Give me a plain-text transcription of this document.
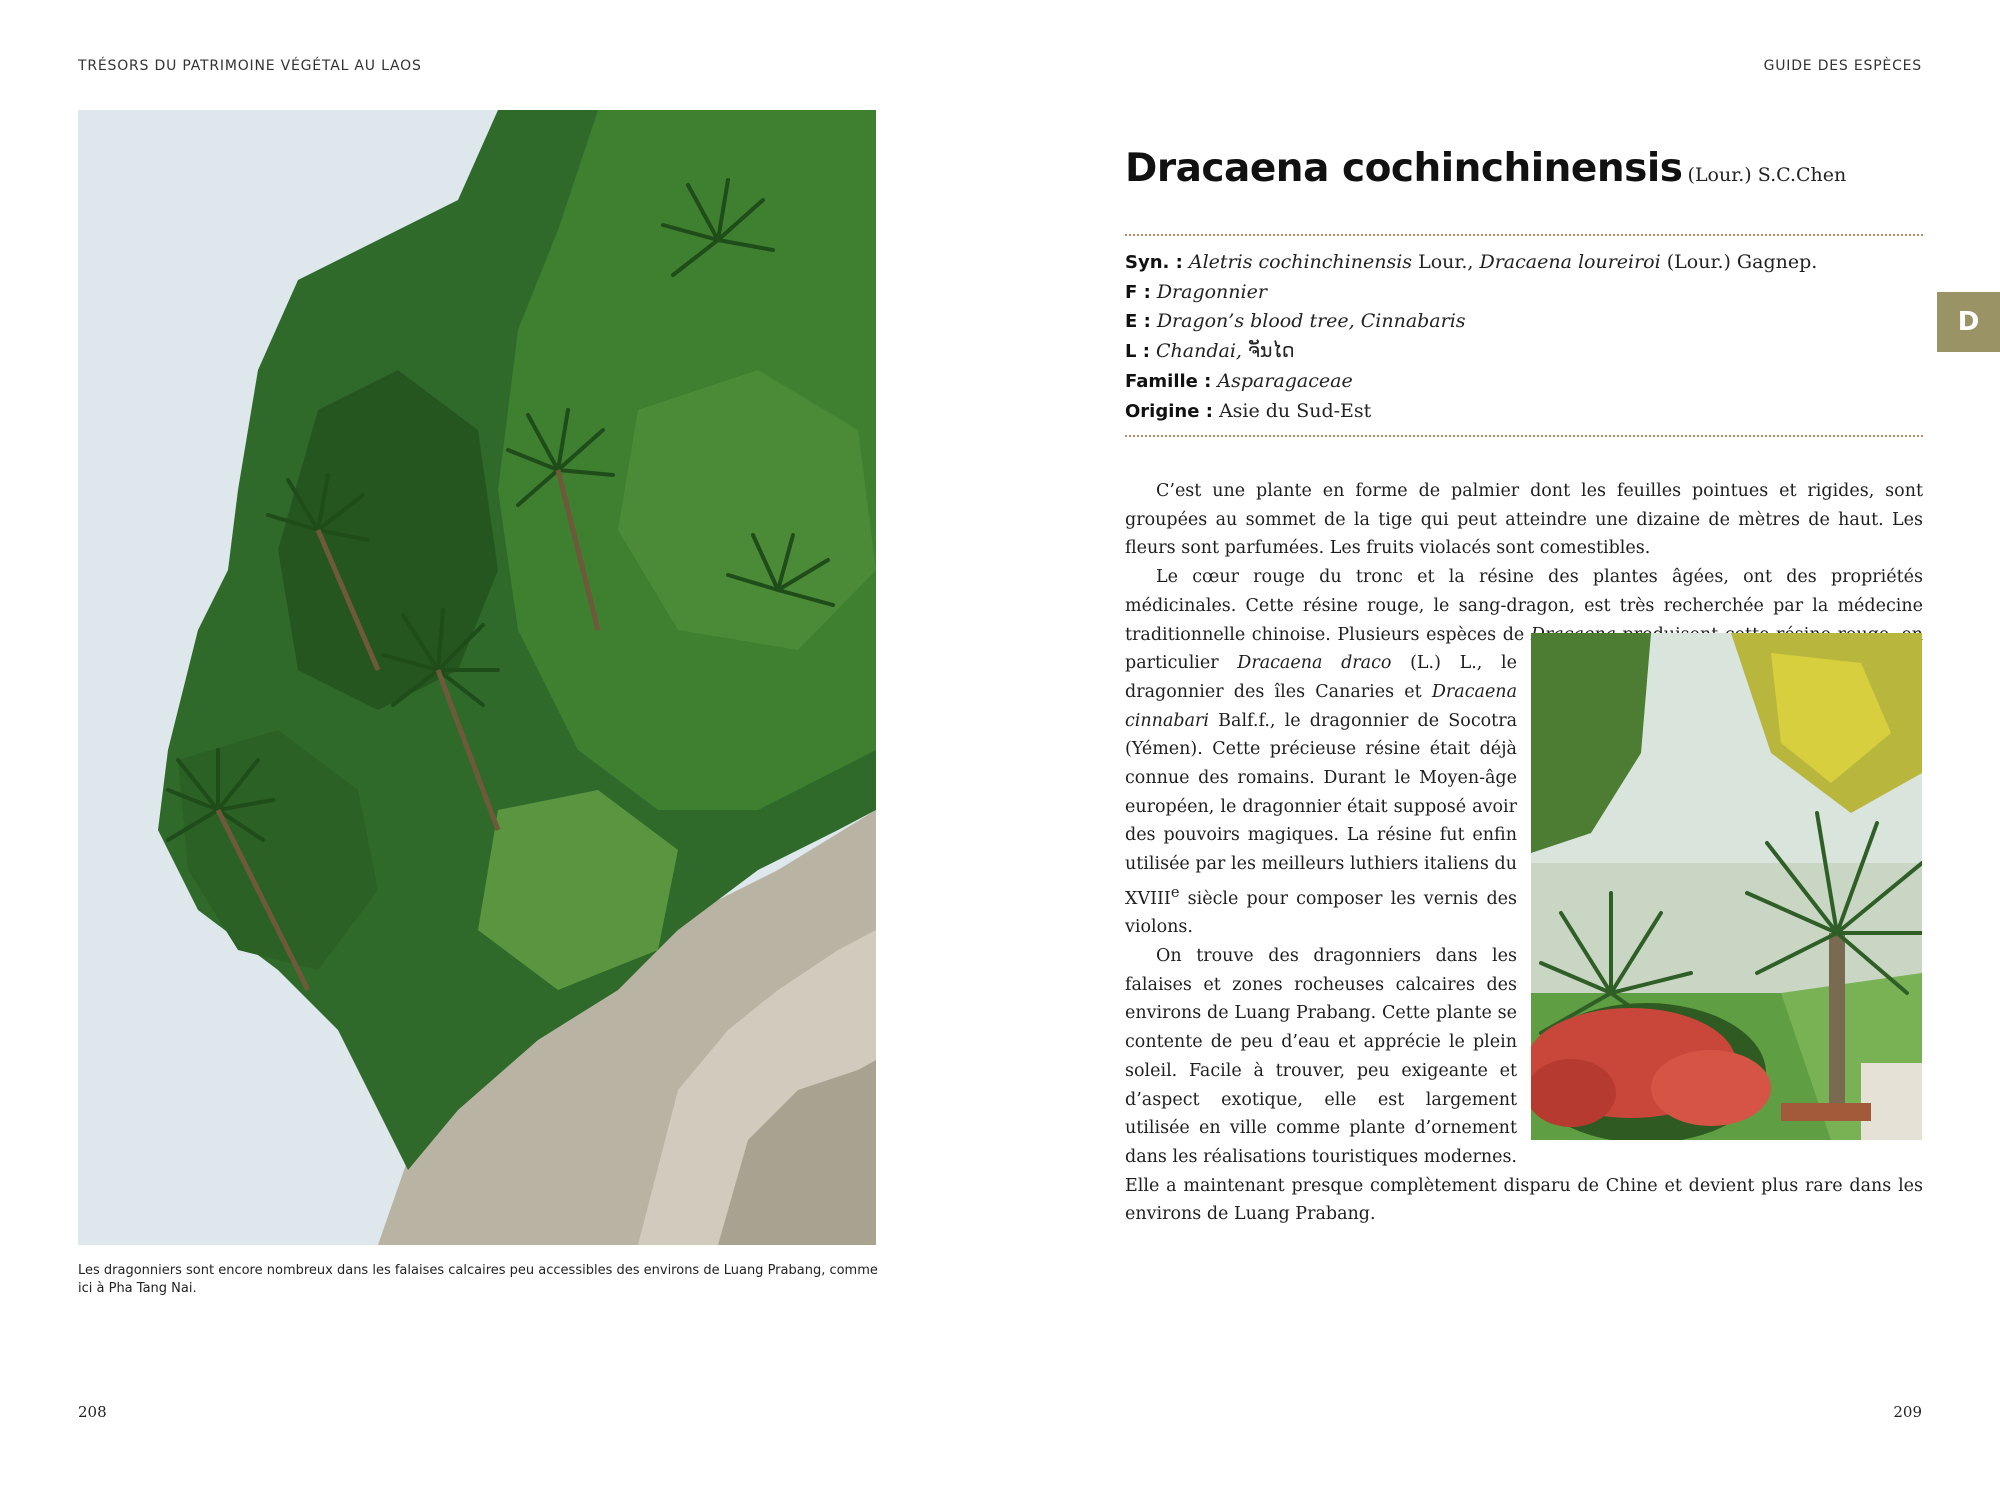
TRÉSORS DU PATRIMOINE VÉGÉTAL AU LAOS	GUIDE DES ESPÈCES
Les dragonniers sont encore nombreux dans les falaises calcaires peu accessibles des environs de Luang Prabang, comme ici à Pha Tang Nai.
208	209
D
Dracaena cochinchinensis (Lour.) S.C.Chen
Syn. : Aletris cochinchinensis Lour., Dracaena loureiroi (Lour.) Gagnep.
F : Dragonnier
E : Dragon’s blood tree, Cinnabaris
L : Chandai, ຈັນໄດ
Famille : Asparagaceae
Origine : Asie du Sud-Est

C’est une plante en forme de palmier dont les feuilles pointues et rigides, sont groupées au sommet de la tige qui peut atteindre une dizaine de mètres de haut. Les fleurs sont parfumées. Les fruits violacés sont comestibles.

Le cœur rouge du tronc et la résine des plantes âgées, ont des propriétés médicinales. Cette résine rouge, le sang-dragon, est très recherchée par la médecine traditionnelle chinoise. Plusieurs espèces de
particulier Dracaena draco (L.) L., le dragonnier des îles Canaries et Dracaena cinnabari Balf.f., le dragonnier de Socotra (Yémen). Cette précieuse résine était déjà connue des romains. Durant le Moyen-âge européen, le dragonnier était supposé avoir des pouvoirs magiques. La résine fut enfin utilisée par les meilleurs luthiers italiens du XVIIIe siècle pour composer les vernis des violons.

On trouve des dragonniers dans les falaises et zones rocheuses calcaires des environs de Luang Prabang. Cette plante se contente de peu d’eau et apprécie le plein soleil. Facile à trouver, peu exigeante et d’aspect exotique, elle est largement utilisée en ville comme plante d’ornement dans les réalisations touristiques modernes. Elle a maintenant presque complètement disparu de Chine et devient plus rare dans les environs de Luang Prabang.
